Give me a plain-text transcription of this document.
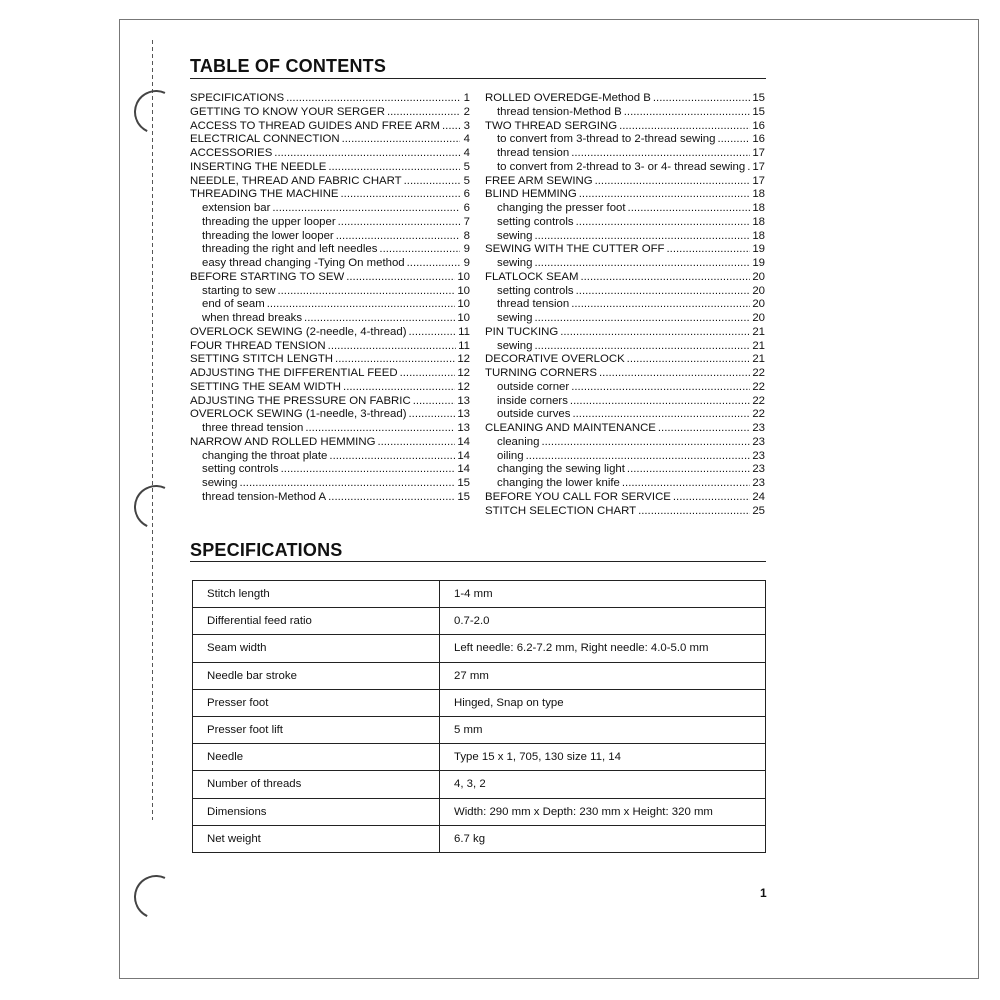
TABLE OF CONTENTS
SPECIFICATIONS .....	1
GETTING TO KNOW YOUR SERGER .....	2
ACCESS TO THREAD GUIDES AND FREE ARM ..... 3
ELECTRICAL CONNECTION .....	4
ACCESSORIES .....	4
INSERTING THE NEEDLE .....	5
NEEDLE, THREAD AND FABRIC CHART .....	5
THREADING THE MACHINE .....	6
extension bar .....	6
threading the upper looper .....	7
threading the lower looper .....	8
threading the right and left needles .....	9
easy thread changing -Tying On method .....	9
BEFORE STARTING TO SEW .....	10
starting to sew .....	10
end of seam .....	10
when thread breaks .....	10
OVERLOCK SEWING (2-needle, 4-thread) .....	11
FOUR THREAD TENSION .....	11
SETTING STITCH LENGTH .....	12
ADJUSTING THE DIFFERENTIAL FEED .....	12
SETTING THE SEAM WIDTH .....	12
ADJUSTING THE PRESSURE ON FABRIC .....	13
OVERLOCK SEWING (1-needle, 3-thread) .....	13
three thread tension .....	13
NARROW AND ROLLED HEMMING .....	14
changing the throat plate .....	14
setting controls .....	14
sewing .....	15
thread tension-Method A .....	15
ROLLED OVEREDGE-Method B .....	15
thread tension-Method B .....	15
TWO THREAD SERGING .....	16
to convert from 3-thread to 2-thread sewing .....	16
thread tension .....	17
to convert from 2-thread to 3- or 4- thread sewing ..... 17
FREE ARM SEWING .....	17
BLIND HEMMING .....	18
changing the presser foot .....	18
setting controls .....	18
sewing .....	18
SEWING WITH THE CUTTER OFF .....	19
sewing .....	19
FLATLOCK SEAM .....	20
setting controls .....	20
thread tension .....	20
sewing .....	20
PIN TUCKING .....	21
sewing .....	21
DECORATIVE OVERLOCK .....	21
TURNING CORNERS .....	22
outside corner .....	22
inside corners .....	22
outside curves .....	22
CLEANING AND MAINTENANCE .....	23
cleaning .....	23
oiling .....	23
changing the sewing light .....	23
changing the lower knife .....	23
BEFORE YOU CALL FOR SERVICE .....	24
STITCH SELECTION CHART .....	25
SPECIFICATIONS
Stitch length	1-4 mm
Differential feed ratio	0.7-2.0
Seam width	Left needle: 6.2-7.2 mm, Right needle: 4.0-5.0 mm
Needle bar stroke	27 mm
Presser foot	Hinged, Snap on type
Presser foot lift	5 mm
Needle	Type 15 x 1, 705, 130 size 11, 14
Number of threads	4, 3, 2
Dimensions	Width: 290 mm x Depth: 230 mm x Height: 320 mm
Net weight	6.7 kg
1
